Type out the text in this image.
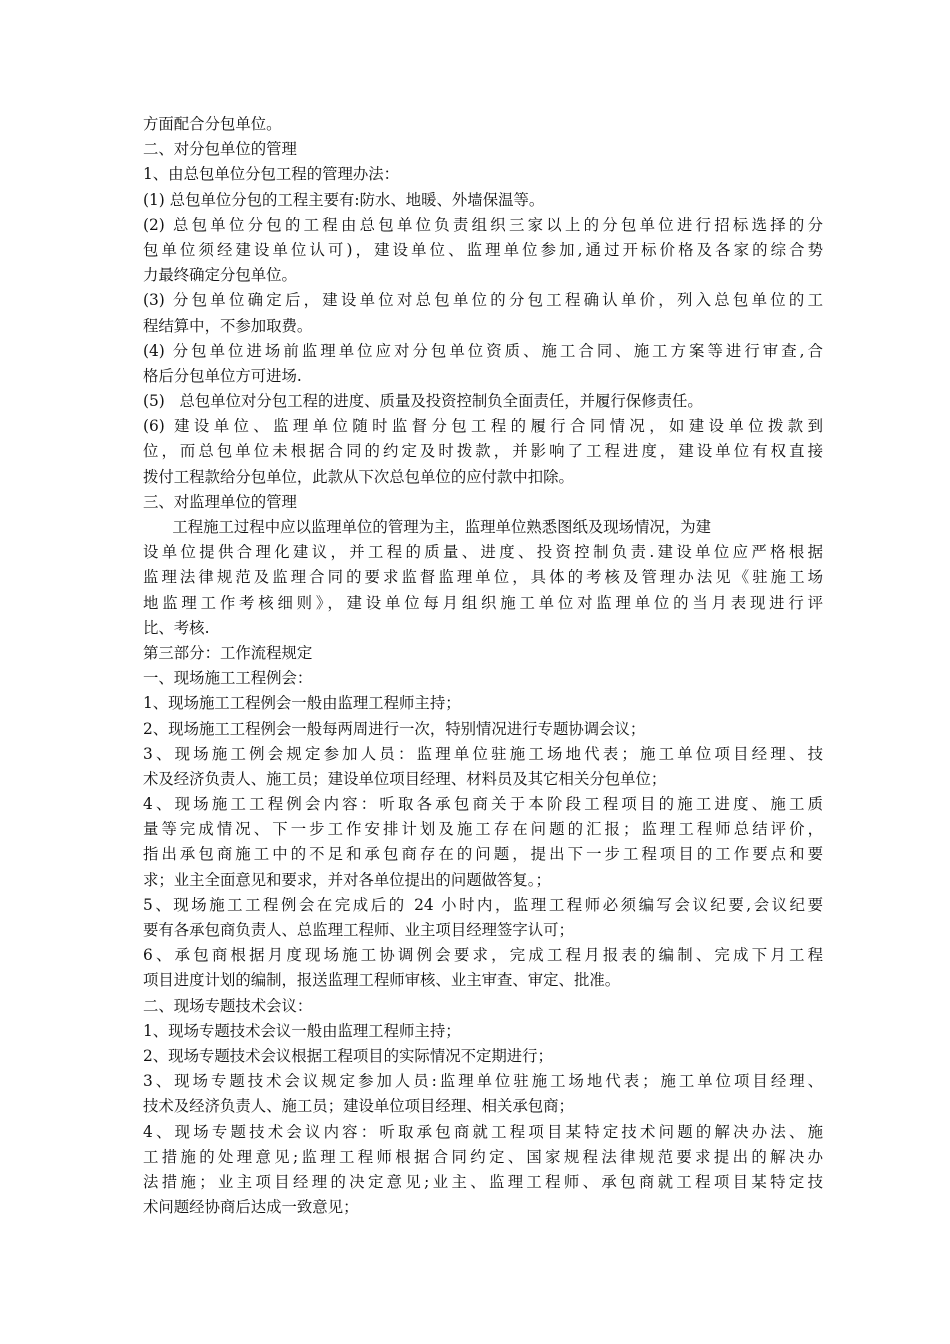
方面配合分包单位。
二、对分包单位的管理
1、由总包单位分包工程的管理办法：
(1) 总包单位分包的工程主要有:防水、地暖、外墙保温等。
(2) 总包单位分包的工程由总包单位负责组织三家以上的分包单位进行招标选择的分
包单位须经建设单位认可)，建设单位、监理单位参加,通过开标价格及各家的综合势
力最终确定分包单位。
(3) 分包单位确定后，建设单位对总包单位的分包工程确认单价，列入总包单位的工
程结算中，不参加取费。
(4) 分包单位进场前监理单位应对分包单位资质、施工合同、施工方案等进行审查,合
格后分包单位方可进场.
(5)   总包单位对分包工程的进度、质量及投资控制负全面责任，并履行保修责任。
(6) 建设单位、监理单位随时监督分包工程的履行合同情况，如建设单位拨款到
位，而总包单位未根据合同的约定及时拨款，并影响了工程进度，建设单位有权直接
拨付工程款给分包单位，此款从下次总包单位的应付款中扣除。
三、对监理单位的管理
工程施工过程中应以监理单位的管理为主，监理单位熟悉图纸及现场情况，为建
设单位提供合理化建议，并工程的质量、进度、投资控制负责.建设单位应严格根据
监理法律规范及监理合同的要求监督监理单位，具体的考核及管理办法见《驻施工场
地监理工作考核细则》，建设单位每月组织施工单位对监理单位的当月表现进行评
比、考核.
第三部分：工作流程规定
一、现场施工工程例会：
1、现场施工工程例会一般由监理工程师主持；
2、现场施工工程例会一般每两周进行一次，特别情况进行专题协调会议；
3、现场施工例会规定参加人员：监理单位驻施工场地代表；施工单位项目经理、技
术及经济负责人、施工员；建设单位项目经理、材料员及其它相关分包单位；
4、现场施工工程例会内容：听取各承包商关于本阶段工程项目的施工进度、施工质
量等完成情况、下一步工作安排计划及施工存在问题的汇报；监理工程师总结评价，
指出承包商施工中的不足和承包商存在的问题，提出下一步工程项目的工作要点和要
求；业主全面意见和要求，并对各单位提出的问题做答复。；
5、现场施工工程例会在完成后的 24 小时内，监理工程师必须编写会议纪要,会议纪要
要有各承包商负责人、总监理工程师、业主项目经理签字认可；
6、承包商根据月度现场施工协调例会要求，完成工程月报表的编制、完成下月工程
项目进度计划的编制，报送监理工程师审核、业主审查、审定、批准。
二、现场专题技术会议：
1、现场专题技术会议一般由监理工程师主持；
2、现场专题技术会议根据工程项目的实际情况不定期进行；
3、现场专题技术会议规定参加人员:监理单位驻施工场地代表；施工单位项目经理、
技术及经济负责人、施工员；建设单位项目经理、相关承包商；
4、现场专题技术会议内容：听取承包商就工程项目某特定技术问题的解决办法、施
工措施的处理意见;监理工程师根据合同约定、国家规程法律规范要求提出的解决办
法措施；业主项目经理的决定意见;业主、监理工程师、承包商就工程项目某特定技
术问题经协商后达成一致意见；
